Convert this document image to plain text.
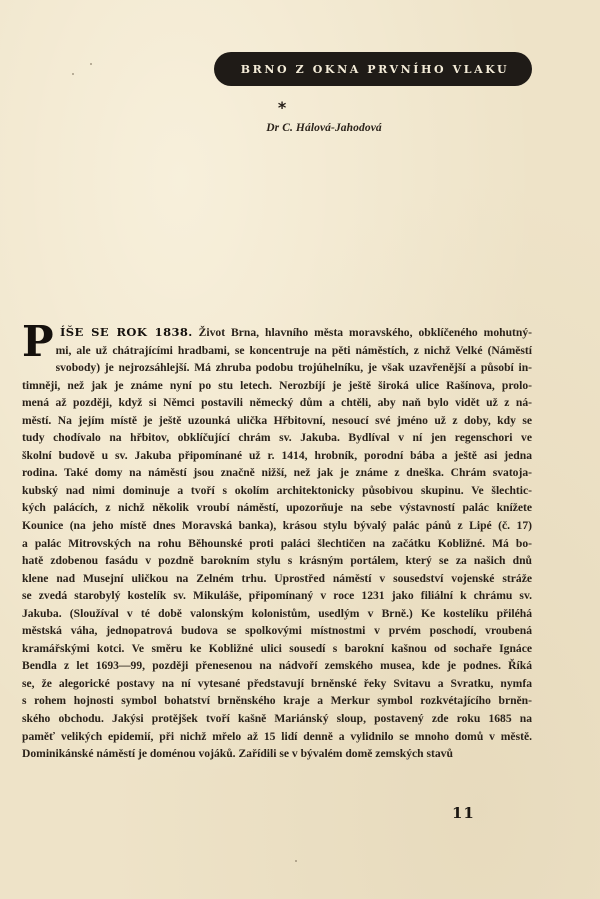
BRNO Z OKNA PRVNÍHO VLAKU
*
Dr C. Hálová-Jahodová
P ÍŠE SE ROK 1838. Život Brna, hlavního města moravského, obklíčeného mohutný-
mi, ale už chátrajícími hradbami, se koncentruje na pěti náměstích, z nichž Velké (Náměstí
svobody) je nejrozsáhlejší. Má zhruba podobu trojúhelníku, je však uzavřenější a působí in-
timněji, než jak je známe nyní po stu letech. Nerozbíjí je ještě široká ulice Rašínova, prolo-
mená až později, když si Němci postavili německý dům a chtěli, aby naň bylo vidět už z ná-
městí. Na jejím místě je ještě uzounká ulička Hřbitovní, nesoucí své jméno už z doby, kdy se
tudy chodívalo na hřbitov, obklíčující chrám sv. Jakuba. Bydlíval v ní jen regenschori ve
školní budově u sv. Jakuba připomínané už r. 1414, hrobník, porodní bába a ještě asi jedna
rodina. Také domy na náměstí jsou značně nižší, než jak je známe z dneška. Chrám svatoja-
kubský nad nimi dominuje a tvoří s okolím architektonicky působivou skupinu. Ve šlechtic-
kých palácích, z nichž několik vroubí náměstí, upozorňuje na sebe výstavností palác knížete
Kounice (na jeho místě dnes Moravská banka), krásou stylu bývalý palác pánů z Lipé (č. 17)
a palác Mitrovských na rohu Běhounské proti paláci šlechtičen na začátku Kobližné. Má bo-
hatě zdobenou fasádu v pozdně barokním stylu s krásným portálem, který se za našich dnů
klene nad Musejní uličkou na Zelném trhu. Uprostřed náměstí v sousedství vojenské stráže
se zvedá starobylý kostelík sv. Mikuláše, připomínaný v roce 1231 jako filiální k chrámu sv.
Jakuba. (Sloužíval v té době valonským kolonistům, usedlým v Brně.) Ke kostelíku přiléhá
městská váha, jednopatrová budova se spolkovými místnostmi v prvém poschodí, vroubená
kramářskými kotci. Ve směru ke Kobližné ulici sousedí s barokní kašnou od sochaře Ignáce
Bendla z let 1693—99, později přenesenou na nádvoří zemského musea, kde je podnes. Říká
se, že alegorické postavy na ní vytesané představují brněnské řeky Svitavu a Svratku, nymfa
s rohem hojnosti symbol bohatství brněnského kraje a Merkur symbol rozkvétajícího brněn-
ského obchodu. Jakýsi protějšek tvoří kašně Mariánský sloup, postavený zde roku 1685 na
paměť velikých epidemií, při nichž mřelo až 15 lidí denně a vylidnilo se mnoho domů v městě.
Dominikánské náměstí je doménou vojáků. Zařídili se v bývalém domě zemských stavů
11
